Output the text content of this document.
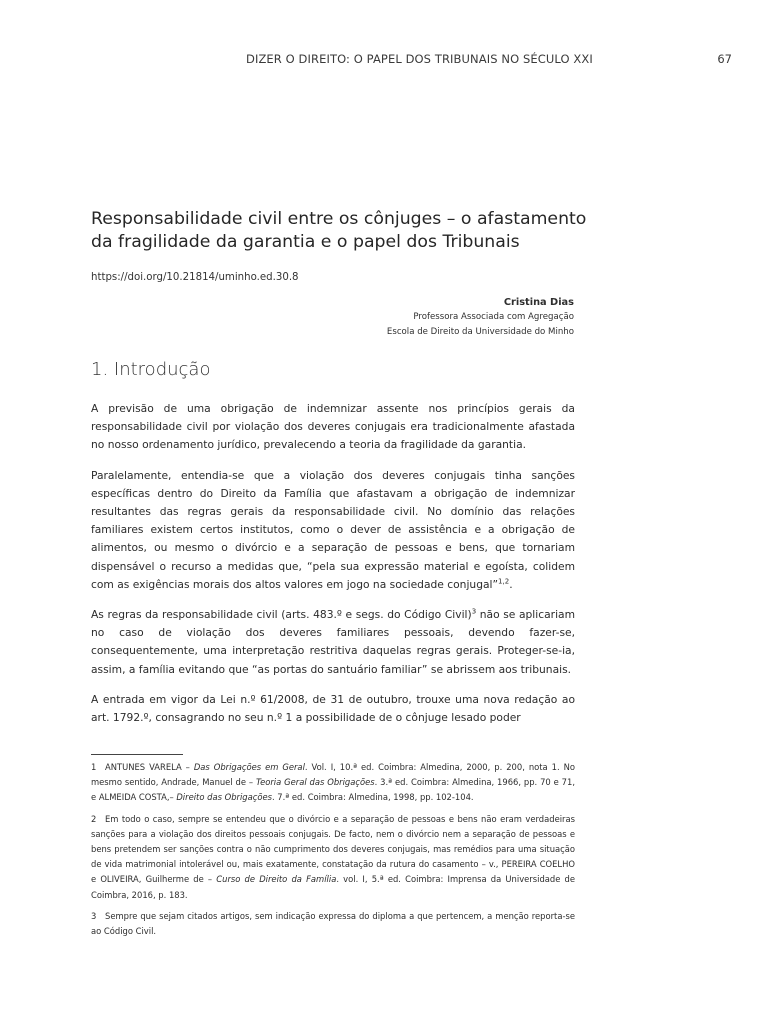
DIZER O DIREITO: O PAPEL DOS TRIBUNAIS NO SÉCULO XXI	67
Responsabilidade civil entre os cônjuges – o afastamento
da fragilidade da garantia e o papel dos Tribunais
https://doi.org/10.21814/uminho.ed.30.8
Cristina Dias
Professora Associada com Agregação
Escola de Direito da Universidade do Minho
1. Introdução

A previsão de uma obrigação de indemnizar assente nos princípios gerais da responsabilidade civil por violação dos deveres conjugais era tradicionalmente afastada no nosso ordenamento jurídico, prevalecendo a teoria da fragilidade da garantia.

Paralelamente, entendia-se que a violação dos deveres conjugais tinha sanções específicas dentro do Direito da Família que afastavam a obrigação de indemnizar resultantes das regras gerais da responsabilidade civil. No domínio das relações familiares existem certos institutos, como o dever de assistência e a obrigação de alimentos, ou mesmo o divórcio e a separação de pessoas e bens, que tornariam dispensável o recurso a medidas que, “pela sua expressão material e egoísta, colidem com as exigências morais dos altos valores em jogo na sociedade conjugal”$^{1,2}$.

As regras da responsabilidade civil (arts. 483.º e segs. do Código Civil)$^3$ não se aplicariam no caso de violação dos deveres familiares pessoais, devendo fazer-se, consequentemente, uma interpretação restritiva daquelas regras gerais. Proteger-se-ia, assim, a família evitando que “as portas do santuário familiar” se abrissem aos tribunais.

A entrada em vigor da Lei n.º 61/2008, de 31 de outubro, trouxe uma nova redação ao art. 1792.º, consagrando no seu n.º 1 a possibilidade de o cônjuge lesado poder

1 ANTUNES VARELA – Das Obrigações em Geral. Vol. I, 10.ª ed. Coimbra: Almedina, 2000, p. 200, nota 1. No mesmo sentido, Andrade, Manuel de – Teoria Geral das Obrigações. 3.ª ed. Coimbra: Almedina, 1966, pp. 70 e 71, e ALMEIDA COSTA,– Direito das Obrigações. 7.ª ed. Coimbra: Almedina, 1998, pp. 102-104.

2 Em todo o caso, sempre se entendeu que o divórcio e a separação de pessoas e bens não eram verdadeiras sanções para a violação dos direitos pessoais conjugais. De facto, nem o divórcio nem a separação de pessoas e bens pretendem ser sanções contra o não cumprimento dos deveres conjugais, mas remédios para uma situação de vida matrimonial intolerável ou, mais exatamente, constatação da rutura do casamento – v., PEREIRA COELHO e OLIVEIRA, Guilherme de – Curso de Direito da Família. vol. I, 5.ª ed. Coimbra: Imprensa da Universidade de Coimbra, 2016, p. 183.

3 Sempre que sejam citados artigos, sem indicação expressa do diploma a que pertencem, a menção reporta-se ao Código Civil.
